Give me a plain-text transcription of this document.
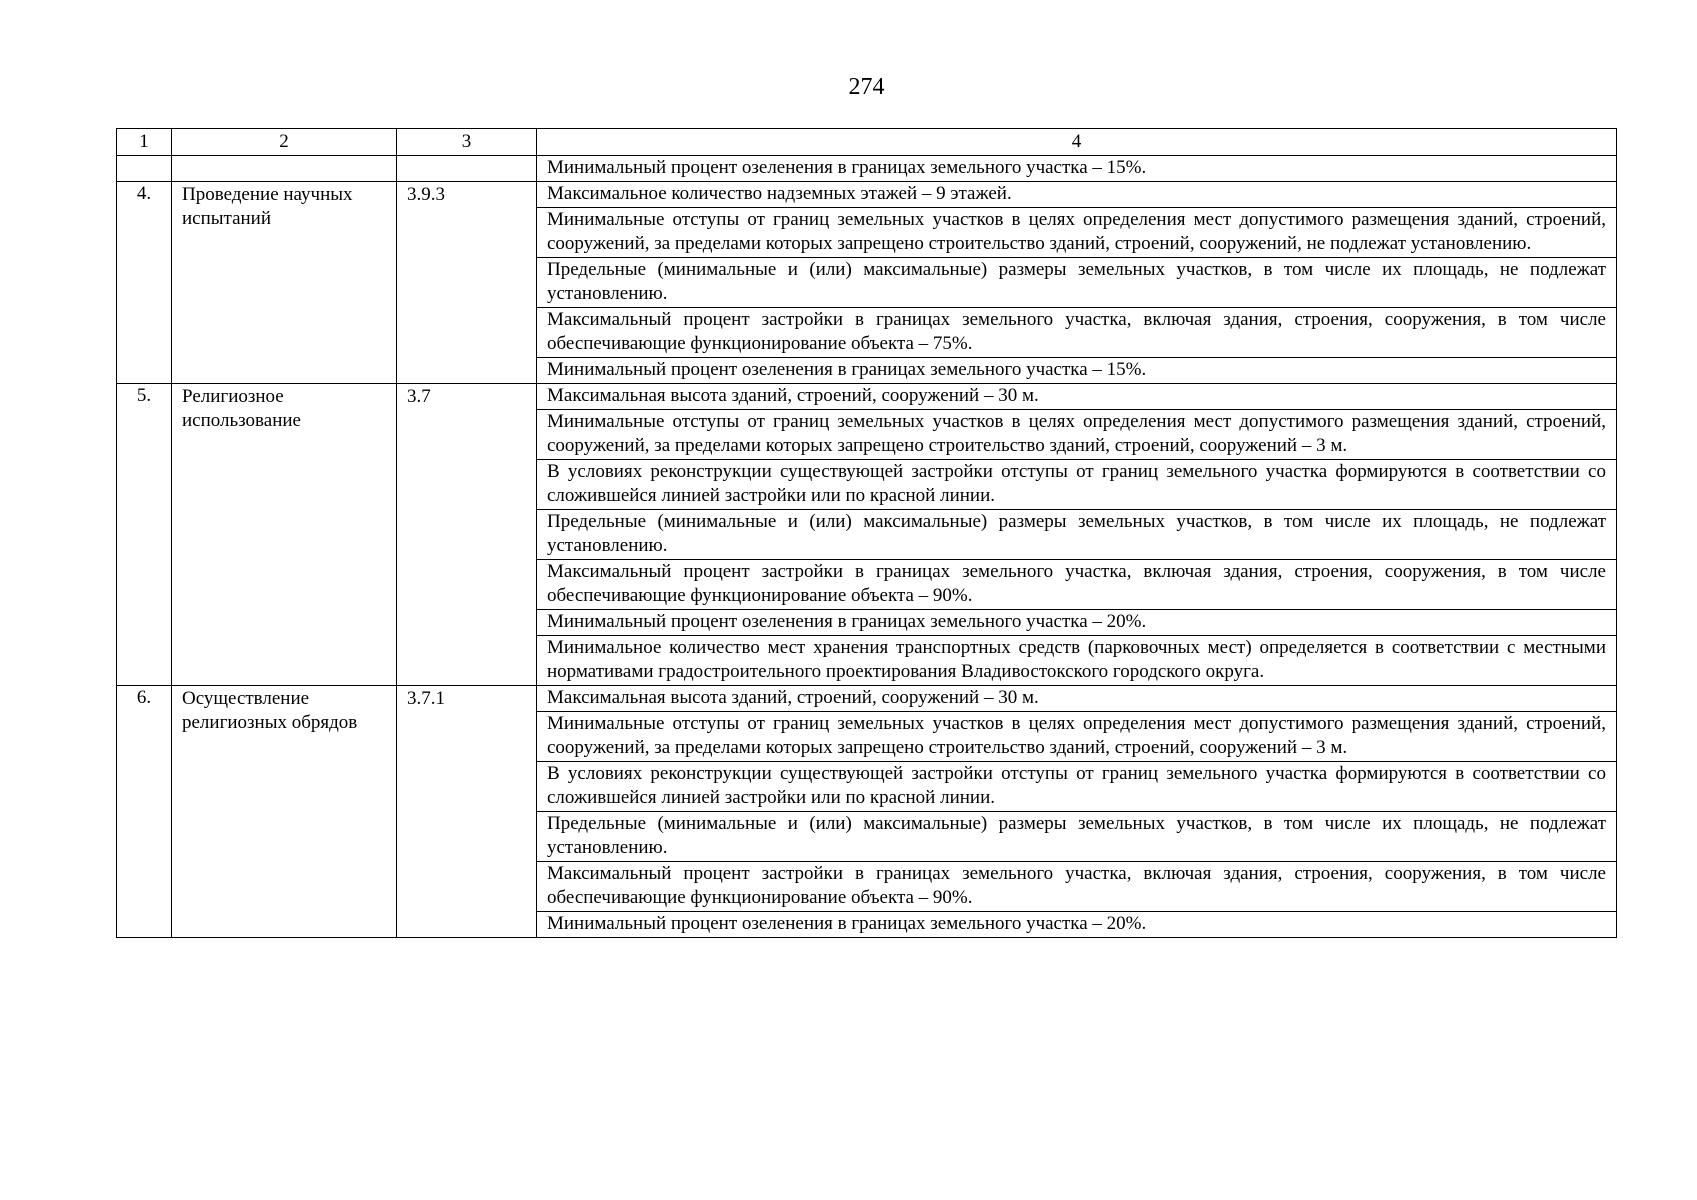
274
1	2	3	4
			Минимальный процент озеленения в границах земельного участка – 15%.
4.	Проведение научных испытаний	3.9.3	Максимальное количество надземных этажей – 9 этажей.
			Минимальные отступы от границ земельных участков в целях определения мест допустимого размещения зданий, строений, сооружений, за пределами которых запрещено строительство зданий, строений, сооружений, не подлежат установлению.
			Предельные (минимальные и (или) максимальные) размеры земельных участков, в том числе их площадь, не подлежат установлению.
			Максимальный процент застройки в границах земельного участка, включая здания, строения, сооружения, в том числе обеспечивающие функционирование объекта – 75%.
			Минимальный процент озеленения в границах земельного участка – 15%.
5.	Религиозное использование	3.7	Максимальная высота зданий, строений, сооружений – 30 м.
			Минимальные отступы от границ земельных участков в целях определения мест допустимого размещения зданий, строений, сооружений, за пределами которых запрещено строительство зданий, строений, сооружений – 3 м.
			В условиях реконструкции существующей застройки отступы от границ земельного участка формируются в соответствии со сложившейся линией застройки или по красной линии.
			Предельные (минимальные и (или) максимальные) размеры земельных участков, в том числе их площадь, не подлежат установлению.
			Максимальный процент застройки в границах земельного участка, включая здания, строения, сооружения, в том числе обеспечивающие функционирование объекта – 90%.
			Минимальный процент озеленения в границах земельного участка – 20%.
			Минимальное количество мест хранения транспортных средств (парковочных мест) определяется в соответствии с местными нормативами градостроительного проектирования Владивостокского городского округа.
6.	Осуществление религиозных обрядов	3.7.1	Максимальная высота зданий, строений, сооружений – 30 м.
			Минимальные отступы от границ земельных участков в целях определения мест допустимого размещения зданий, строений, сооружений, за пределами которых запрещено строительство зданий, строений, сооружений – 3 м.
			В условиях реконструкции существующей застройки отступы от границ земельного участка формируются в соответствии со сложившейся линией застройки или по красной линии.
			Предельные (минимальные и (или) максимальные) размеры земельных участков, в том числе их площадь, не подлежат установлению.
			Максимальный процент застройки в границах земельного участка, включая здания, строения, сооружения, в том числе обеспечивающие функционирование объекта – 90%.
			Минимальный процент озеленения в границах земельного участка – 20%.
